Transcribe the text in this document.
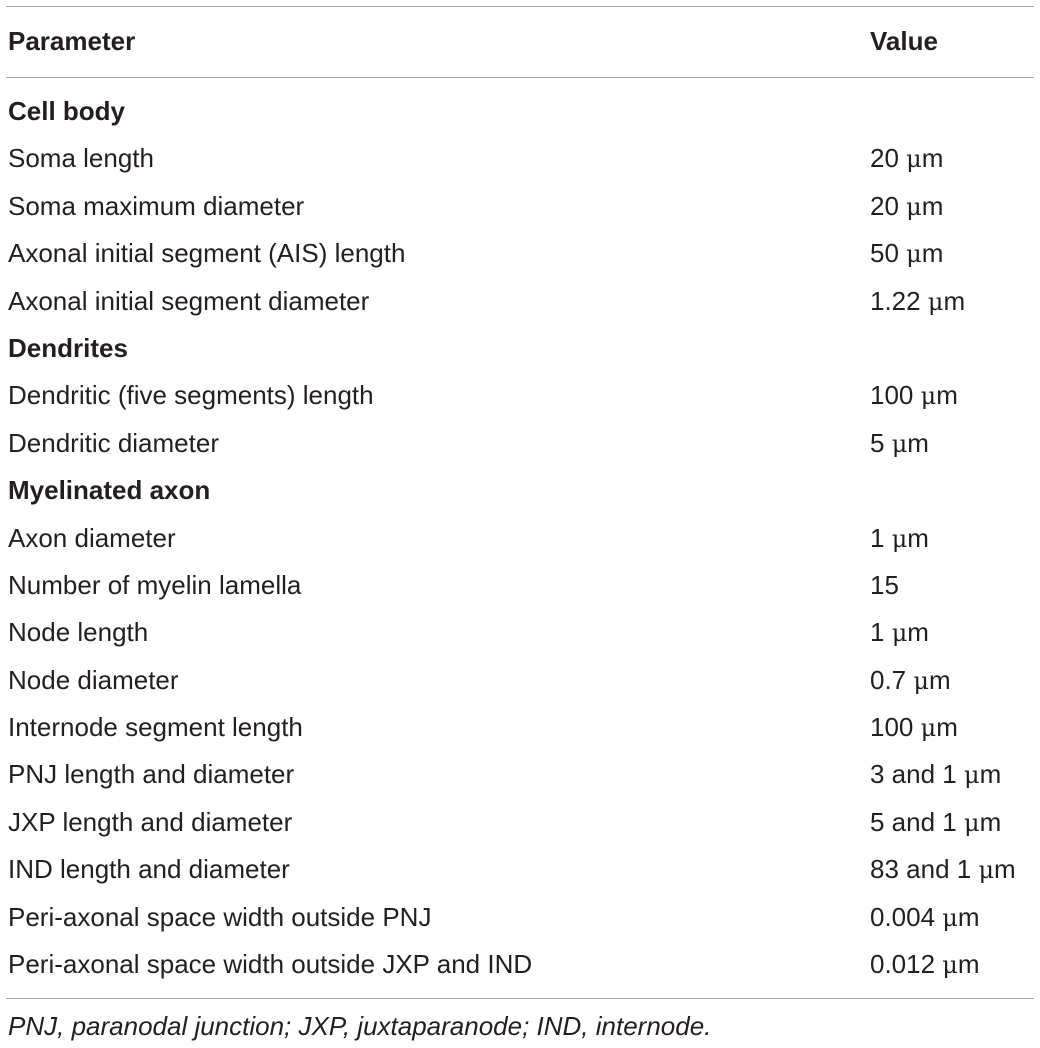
Parameter	Value
Cell body
Soma length	20 μm
Soma maximum diameter	20 μm
Axonal initial segment (AIS) length	50 μm
Axonal initial segment diameter	1.22 μm
Dendrites
Dendritic (five segments) length	100 μm
Dendritic diameter	5 μm
Myelinated axon
Axon diameter	1 μm
Number of myelin lamella	15
Node length	1 μm
Node diameter	0.7 μm
Internode segment length	100 μm
PNJ length and diameter	3 and 1 μm
JXP length and diameter	5 and 1 μm
IND length and diameter	83 and 1 μm
Peri-axonal space width outside PNJ	0.004 μm
Peri-axonal space width outside JXP and IND	0.012 μm
PNJ, paranodal junction; JXP, juxtaparanode; IND, internode.
